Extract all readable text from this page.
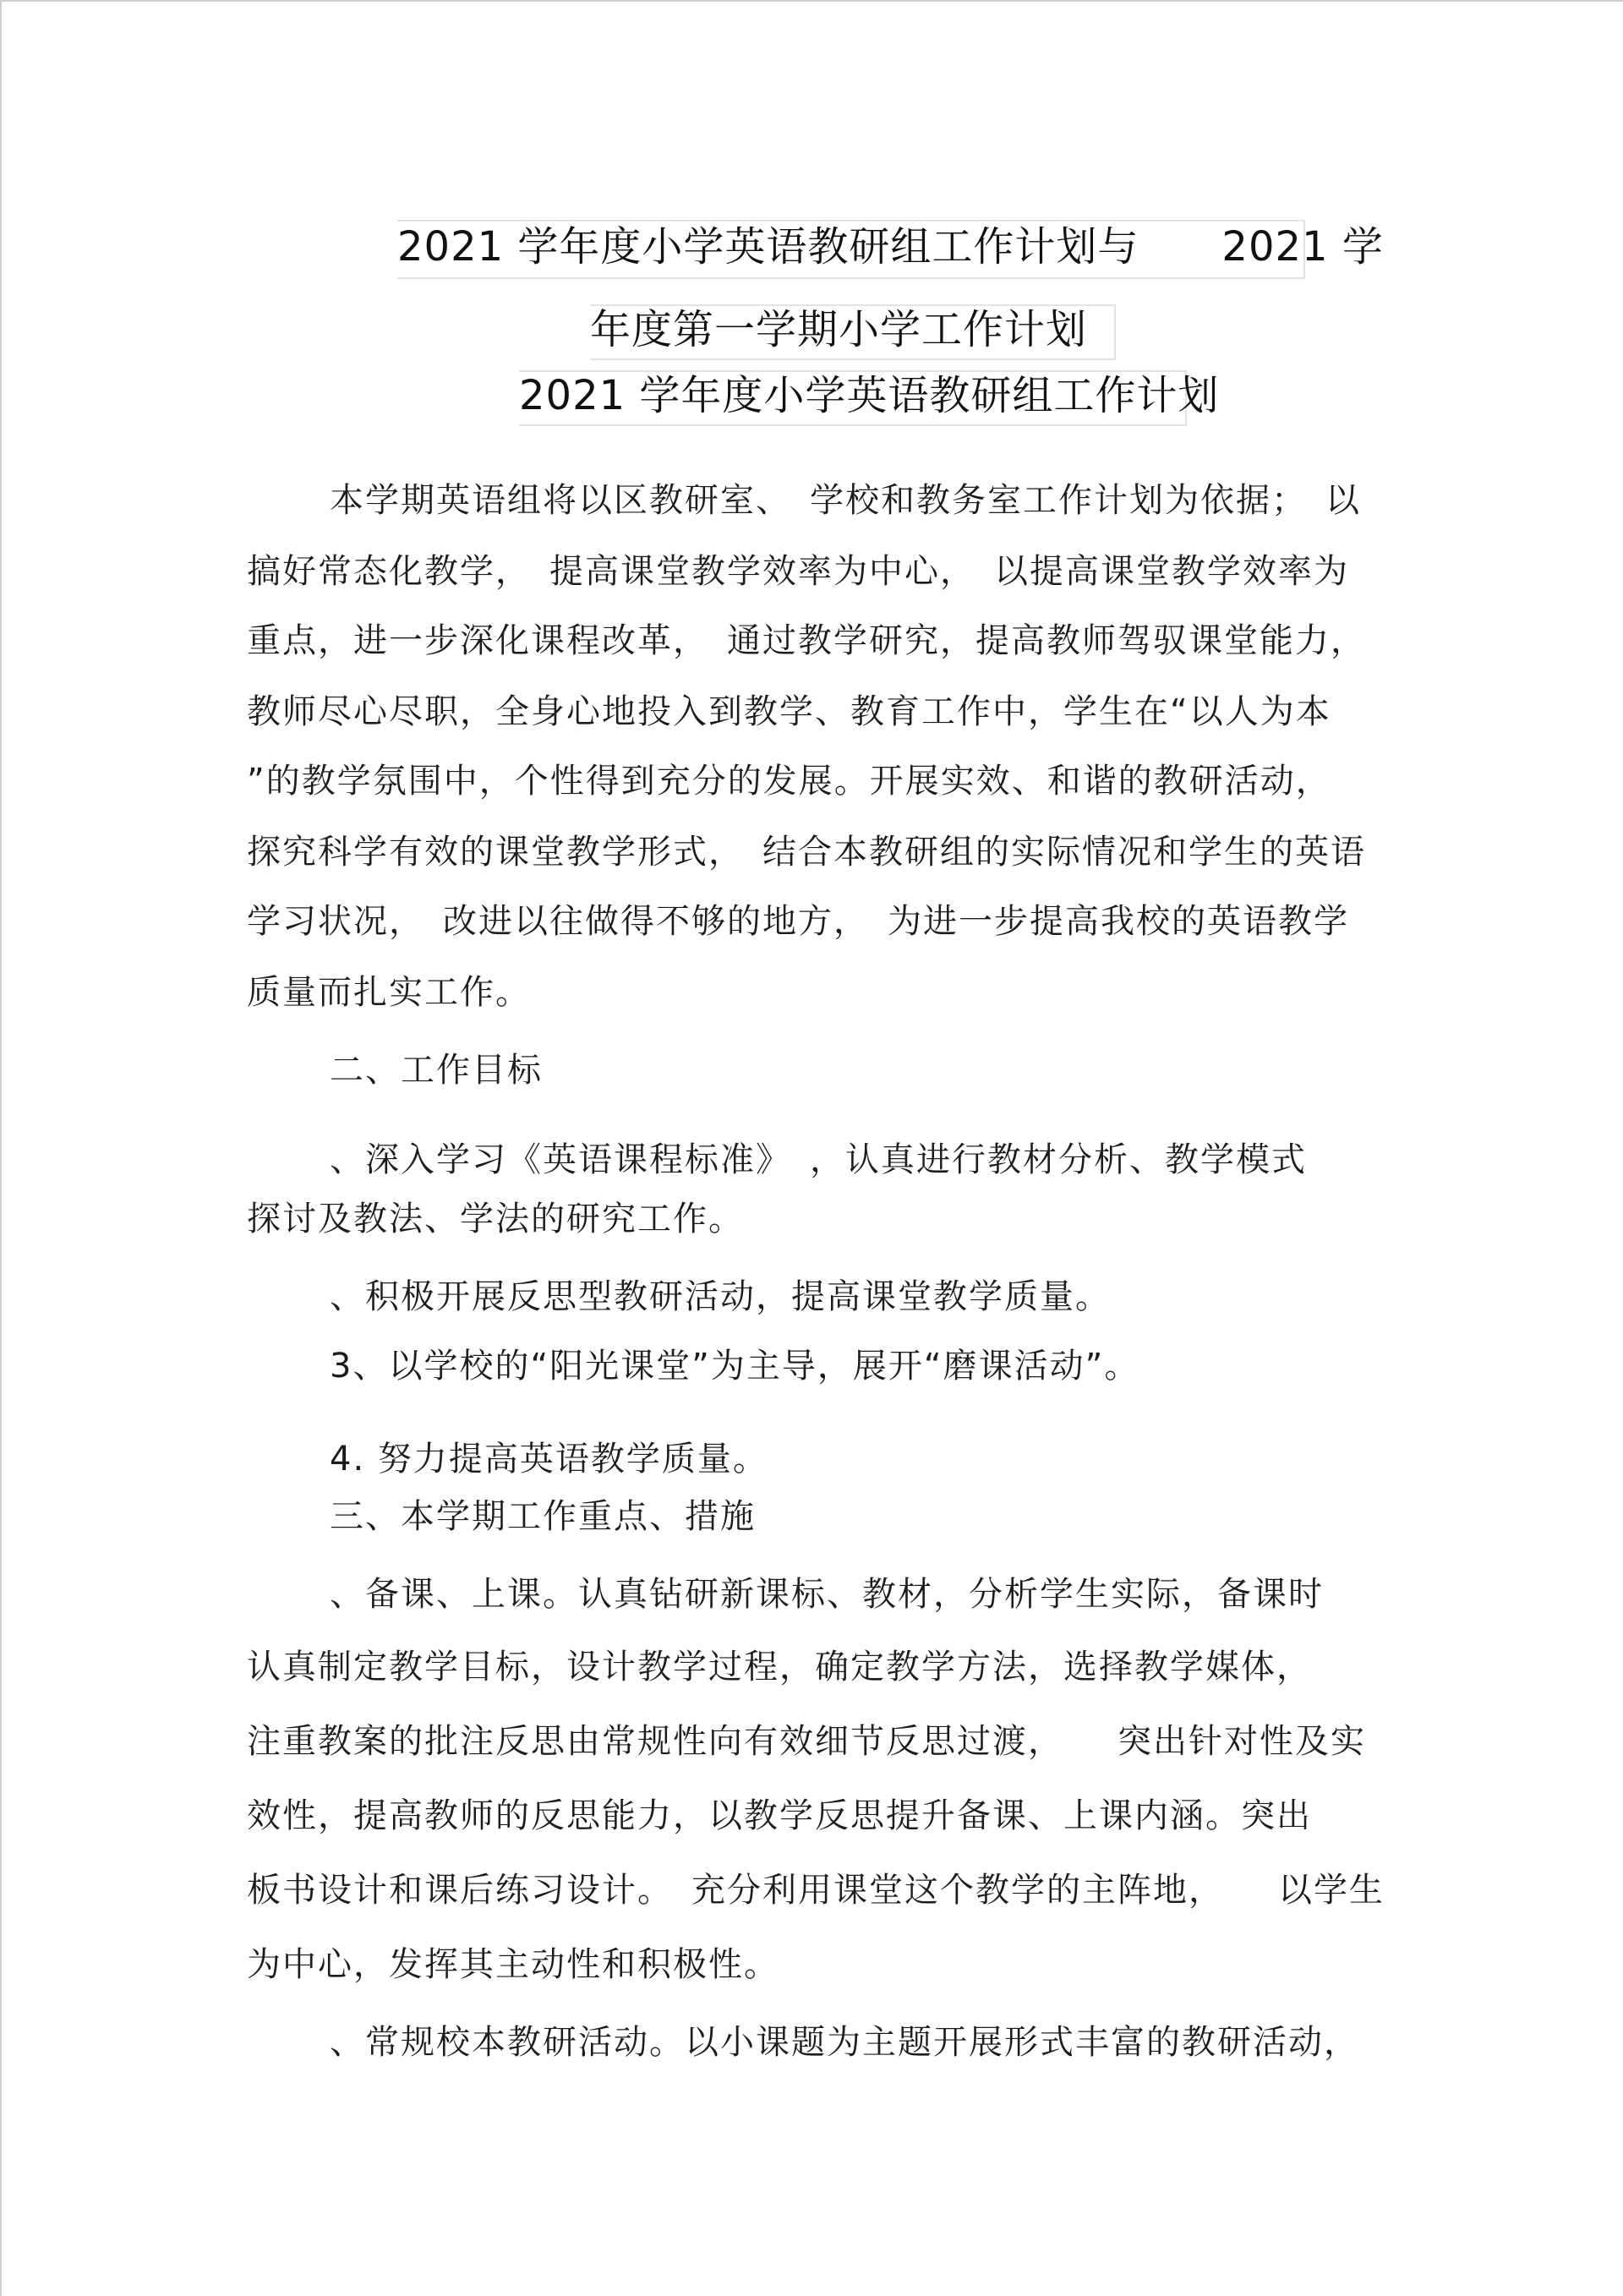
2021 学年度小学英语教研组工作计划与　　2021 学
年度第一学期小学工作计划
2021 学年度小学英语教研组工作计划
本学期英语组将以区教研室、　学校和教务室工作计划为依据；　以
搞好常态化教学，　提高课堂教学效率为中心，　以提高课堂教学效率为
重点，进一步深化课程改革，　通过教学研究，提高教师驾驭课堂能力，
教师尽心尽职，全身心地投入到教学、教育工作中，学生在“以人为本
”的教学氛围中，个性得到充分的发展。开展实效、和谐的教研活动，
探究科学有效的课堂教学形式，　结合本教研组的实际情况和学生的英语
学习状况，　改进以往做得不够的地方，　为进一步提高我校的英语教学
质量而扎实工作。
二、工作目标
、深入学习《英语课程标准》　，认真进行教材分析、教学模式
探讨及教法、学法的研究工作。
、积极开展反思型教研活动，提高课堂教学质量。
3、以学校的“阳光课堂”为主导，展开“磨课活动”。
4. 努力提高英语教学质量。
三、本学期工作重点、措施
、备课、上课。认真钻研新课标、教材，分析学生实际，备课时
认真制定教学目标，设计教学过程，确定教学方法，选择教学媒体，
注重教案的批注反思由常规性向有效细节反思过渡，　　突出针对性及实
效性，提高教师的反思能力，以教学反思提升备课、上课内涵。突出
板书设计和课后练习设计。　充分利用课堂这个教学的主阵地，　　以学生
为中心，发挥其主动性和积极性。
、常规校本教研活动。以小课题为主题开展形式丰富的教研活动，
